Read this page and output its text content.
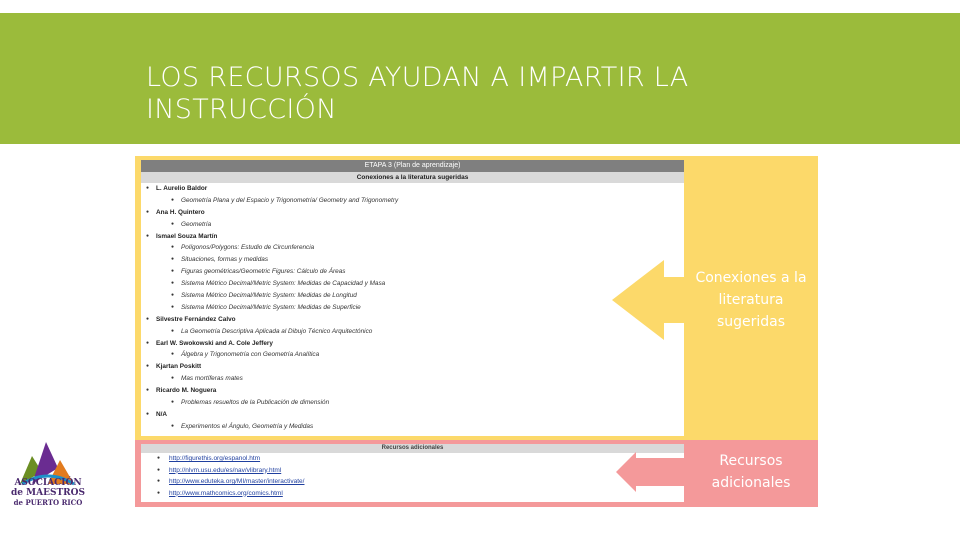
LOS RECURSOS AYUDAN A IMPARTIR LA
INSTRUCCIÓN
ETAPA 3 (Plan de aprendizaje)
Conexiones a la literatura sugeridas
● L. Aurelio Baldor
● Geometría Plana y del Espacio y Trigonometría/ Geometry and Trigonometry
● Ana H. Quintero
● Geometría
● Ismael Souza Martín
● Polígonos/Polygons: Estudio de Circunferencia
● Situaciones, formas y medidas
● Figuras geométricas/Geometric Figures: Cálculo de Áreas
● Sistema Métrico Decimal/Metric System: Medidas de Capacidad y Masa
● Sistema Métrico Decimal/Metric System: Medidas de Longitud
● Sistema Métrico Decimal/Metric System: Medidas de Superficie
● Silvestre Fernández Calvo
● La Geometría Descriptiva Aplicada al Dibujo Técnico Arquitectónico
● Earl W. Swokowski and A. Cole Jeffery
● Álgebra y Trigonometría con Geometría Analítica
● Kjartan Poskitt
● Mas mortíferas mates
● Ricardo M. Noguera
● Problemas resueltos de la Publicación de dimensión
● N/A
● Experimentos el Ángulo, Geometría y Medidas
Recursos adicionales
● http://figurethis.org/espanol.htm
● http://nlvm.usu.edu/es/nav/vlibrary.html
● http://www.eduteka.org/MI/master/interactivate/
● http://www.mathcomics.org/comics.html
Conexiones a la
literatura
sugeridas
Recursos
adicionales
ASOCIACIÓN
de MAESTROS
de PUERTO RICO
